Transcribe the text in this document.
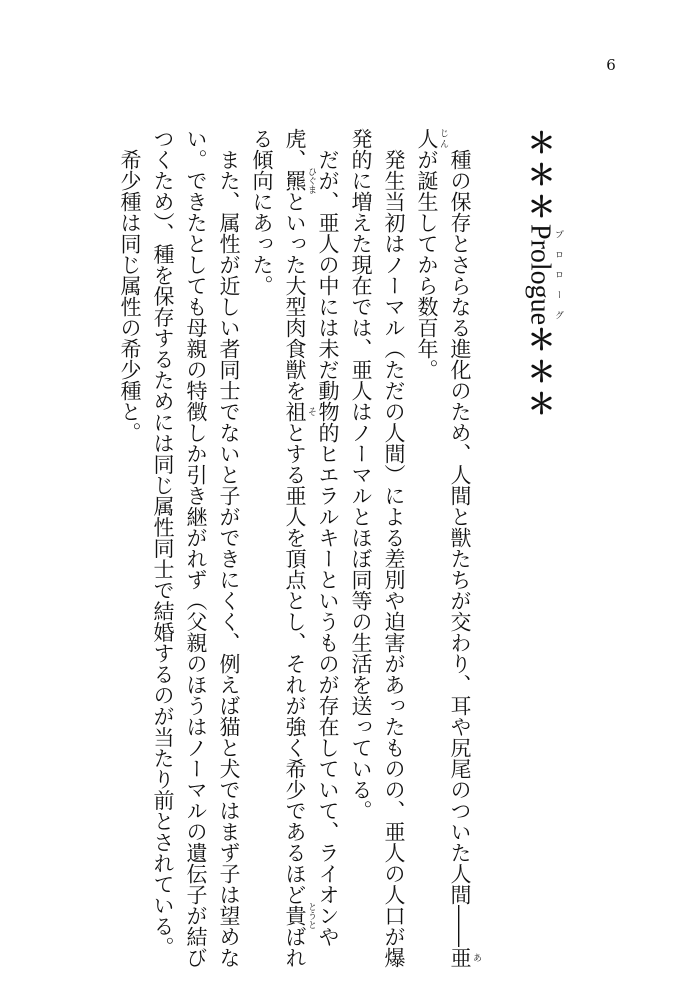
6
＊＊＊Prologueプロローグ＊＊＊

種の保存とさらなる進化のため、人間と獣たちが交わり、耳や尻尾のついた人間――亜 あ人 じんが誕生してから数百年。

発生当初はノーマル（ただの人間）による差別や迫害があったものの、亜人の人口が爆発的に増えた現在では、亜人はノーマルとほぼ同等の生活を送っている。

だが、亜人の中には未だ動物的ヒエラルキーというものが存在していて、ライオンや虎、羆 ひぐまといった大型肉食獣を祖 そとする亜人を頂点とし、それが強く希少であるほど貴 とうとばれる傾向にあった。

また、属性が近しい者同士でないと子ができにくく、例えば猫と犬ではまず子は望めない。できたとしても母親の特徴しか引き継がれず（父親のほうはノーマルの遺伝子が結びつくため）、種を保存するためには同じ属性同士で結婚するのが当たり前とされている。

希少種は同じ属性の希少種と。
